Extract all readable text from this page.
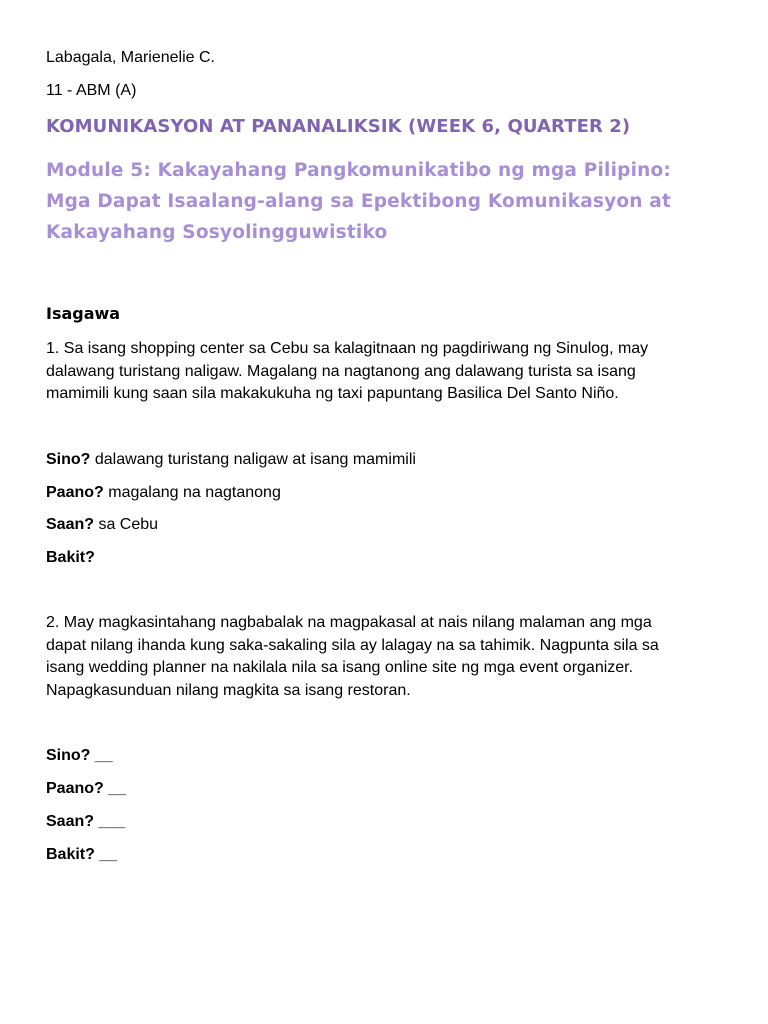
Labagala, Marienelie C.
11 - ABM (A)
KOMUNIKASYON AT PANANALIKSIK (WEEK 6, QUARTER 2)
Module 5: Kakayahang Pangkomunikatibo ng mga Pilipino:
Mga Dapat Isaalang-alang sa Epektibong Komunikasyon at
Kakayahang Sosyolingguwistiko
Isagawa
1. Sa isang shopping center sa Cebu sa kalagitnaan ng pagdiriwang ng Sinulog, may
dalawang turistang naligaw. Magalang na nagtanong ang dalawang turista sa isang
mamimili kung saan sila makakukuha ng taxi papuntang Basilica Del Santo Niño.
Sino? dalawang turistang naligaw at isang mamimili
Paano? magalang na nagtanong
Saan? sa Cebu
Bakit?
2. May magkasintahang nagbabalak na magpakasal at nais nilang malaman ang mga
dapat nilang ihanda kung saka-sakaling sila ay lalagay na sa tahimik. Nagpunta sila sa
isang wedding planner na nakilala nila sa isang online site ng mga event organizer.
Napagkasunduan nilang magkita sa isang restoran.
Sino? __
Paano? __
Saan? ___
Bakit? __
